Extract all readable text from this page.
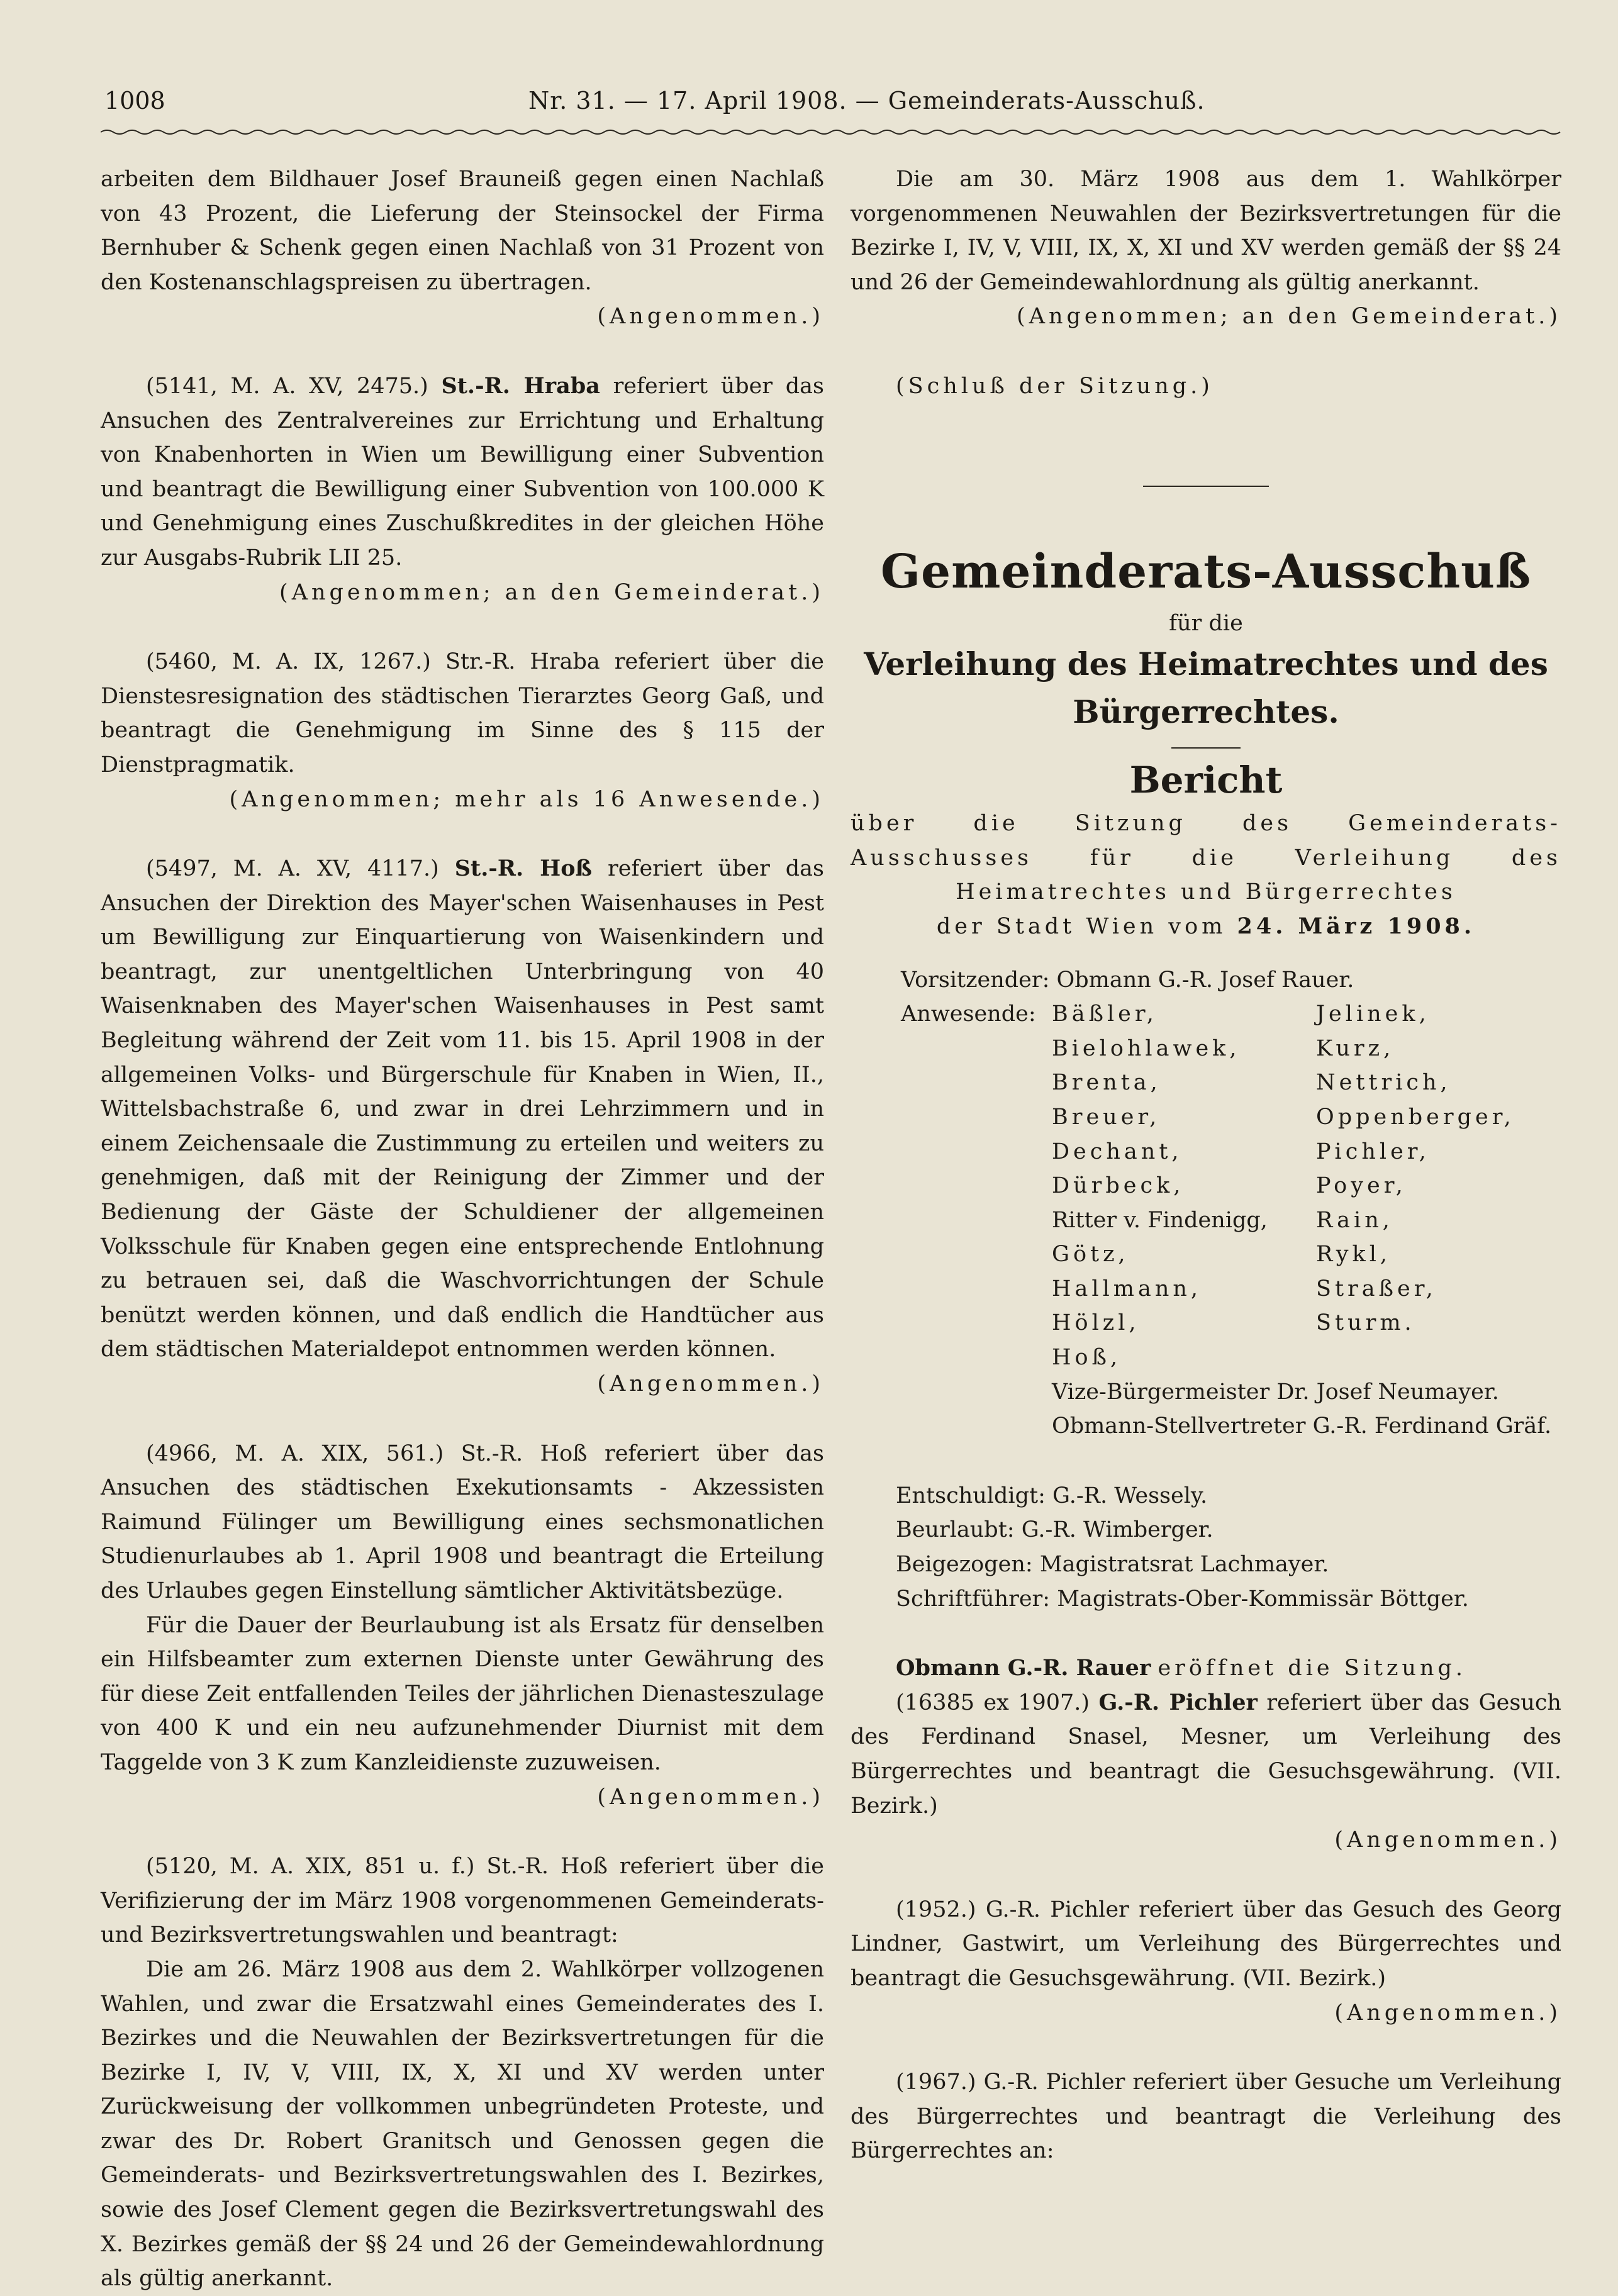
1008	Nr. 31. — 17. April 1908. — Gemeinderats-Ausschuß.

arbeiten dem Bildhauer Josef Brauneiß gegen einen Nachlaß von 43 Prozent, die Lieferung der Steinsockel der Firma Bernhuber & Schenk gegen einen Nachlaß von 31 Prozent von den Kostenanschlagspreisen zu übertragen.

(Angenommen.)

(5141, M. A. XV, 2475.) St.-R. Hraba referiert über das Ansuchen des Zentralvereines zur Errichtung und Erhaltung von Knabenhorten in Wien um Bewilligung einer Subvention und beantragt die Bewilligung einer Subvention von 100.000 K und Genehmigung eines Zuschußkredites in der gleichen Höhe zur Ausgabs-Rubrik LII 25.

(Angenommen; an den Gemeinderat.)

(5460, M. A. IX, 1267.) Str.-R. Hraba referiert über die Dienstesresignation des städtischen Tierarztes Georg Gaß, und beantragt die Genehmigung im Sinne des § 115 der Dienstpragmatik.

(Angenommen; mehr als 16 Anwesende.)

(5497, M. A. XV, 4117.) St.-R. Hoß referiert über das Ansuchen der Direktion des Mayer'schen Waisenhauses in Pest um Bewilligung zur Einquartierung von Waisenkindern und beantragt, zur unentgeltlichen Unterbringung von 40 Waisenknaben des Mayer'schen Waisenhauses in Pest samt Begleitung während der Zeit vom 11. bis 15. April 1908 in der allgemeinen Volks- und Bürgerschule für Knaben in Wien, II., Wittelsbachstraße 6, und zwar in drei Lehrzimmern und in einem Zeichensaale die Zustimmung zu erteilen und weiters zu genehmigen, daß mit der Reinigung der Zimmer und der Bedienung der Gäste der Schuldiener der allgemeinen Volksschule für Knaben gegen eine entsprechende Entlohnung zu betrauen sei, daß die Waschvorrichtungen der Schule benützt werden können, und daß endlich die Handtücher aus dem städtischen Materialdepot entnommen werden können.

(Angenommen.)

(4966, M. A. XIX, 561.) St.-R. Hoß referiert über das Ansuchen des städtischen Exekutionsamts - Akzessisten Raimund Fülinger um Bewilligung eines sechsmonatlichen Studienurlaubes ab 1. April 1908 und beantragt die Erteilung des Urlaubes gegen Einstellung sämtlicher Aktivitätsbezüge.

Für die Dauer der Beurlaubung ist als Ersatz für denselben ein Hilfsbeamter zum externen Dienste unter Gewährung des für diese Zeit entfallenden Teiles der jährlichen Dienasteszulage von 400 K und ein neu aufzunehmender Diurnist mit dem Taggelde von 3 K zum Kanzleidienste zuzuweisen.

(Angenommen.)

(5120, M. A. XIX, 851 u. f.) St.-R. Hoß referiert über die Verifizierung der im März 1908 vorgenommenen Gemeinderats- und Bezirksvertretungswahlen und beantragt:

Die am 26. März 1908 aus dem 2. Wahlkörper vollzogenen Wahlen, und zwar die Ersatzwahl eines Gemeinderates des I. Bezirkes und die Neuwahlen der Bezirksvertretungen für die Bezirke I, IV, V, VIII, IX, X, XI und XV werden unter Zurückweisung der vollkommen unbegründeten Proteste, und zwar des Dr. Robert Granitsch und Genossen gegen die Gemeinderats- und Bezirksvertretungswahlen des I. Bezirkes, sowie des Josef Clement gegen die Bezirksvertretungswahl des X. Bezirkes gemäß der §§ 24 und 26 der Gemeindewahlordnung als gültig anerkannt.

Die am 30. März 1908 aus dem 1. Wahlkörper vorgenommenen Neuwahlen der Bezirksvertretungen für die Bezirke I, IV, V, VIII, IX, X, XI und XV werden gemäß der §§ 24 und 26 der Gemeindewahlordnung als gültig anerkannt.

(Angenommen; an den Gemeinderat.)

(Schluß der Sitzung.)

Gemeinderats-Ausschuß
für die
Verleihung des Heimatrechtes und des Bürgerrechtes.
Bericht

über die Sitzung des Gemeinderats-Ausschusses für die Verleihung des Heimatrechtes und Bürgerrechtes

der Stadt Wien vom 24. März 1908.

Vorsitzender: Obmann G.-R. Josef Rauer.

Anwesende: Bäßler,
Bielohlawek,
Brenta,
Breuer,
Dechant,
Dürbeck,
Ritter v. Findenigg,
Götz,
Hallmann,
Hölzl,
Hoß,
Jelinek,
Kurz,
Nettrich,
Oppenberger,
Pichler,
Poyer,
Rain,
Rykl,
Straßer,
Sturm.

Vize-Bürgermeister Dr. Josef Neumayer.

Obmann-Stellvertreter G.-R. Ferdinand Gräf.

Entschuldigt: G.-R. Wessely.

Beurlaubt: G.-R. Wimberger.

Beigezogen: Magistratsrat Lachmayer.

Schriftführer: Magistrats-Ober-Kommissär Böttger.

Obmann G.-R. Rauer eröffnet die Sitzung.

(16385 ex 1907.) G.-R. Pichler referiert über das Gesuch des Ferdinand Snasel, Mesner, um Verleihung des Bürgerrechtes und beantragt die Gesuchsgewährung. (VII. Bezirk.)

(Angenommen.)

(1952.) G.-R. Pichler referiert über das Gesuch des Georg Lindner, Gastwirt, um Verleihung des Bürgerrechtes und beantragt die Gesuchsgewährung. (VII. Bezirk.)

(Angenommen.)

(1967.) G.-R. Pichler referiert über Gesuche um Verleihung des Bürgerrechtes und beantragt die Verleihung des Bürgerrechtes an:
